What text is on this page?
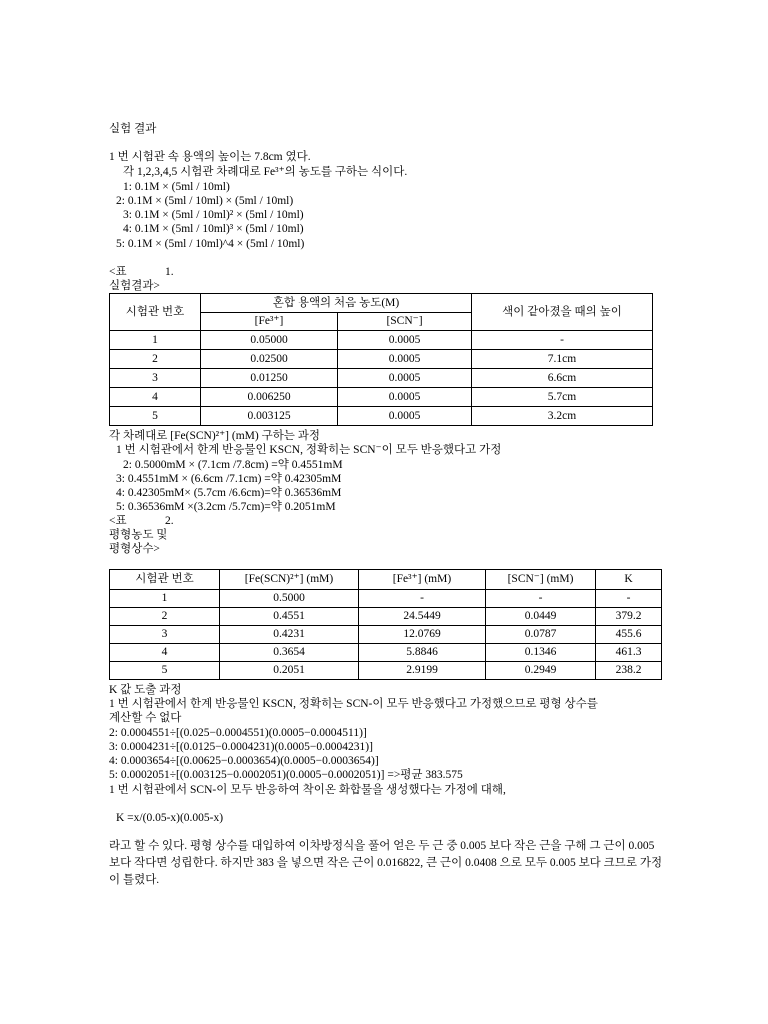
실험 결과
1 번 시험관 속 용액의 높이는 7.8cm 였다.
각 1,2,3,4,5 시험관 차례대로 Fe³⁺의 농도를 구하는 식이다.
1: 0.1M × (5ml / 10ml)
2: 0.1M × (5ml / 10ml) × (5ml / 10ml)
3: 0.1M × (5ml / 10ml)² × (5ml / 10ml)
4: 0.1M × (5ml / 10ml)³ × (5ml / 10ml)
5: 0.1M × (5ml / 10ml)^4 × (5ml / 10ml)
<표	1.
실험결과>
시험관 번호	혼합 용액의 처음 농도(M)		색이 같아졌을 때의 높이
	[Fe³⁺]	[SCN⁻]	
1	0.05000	0.0005	-
2	0.02500	0.0005	7.1cm
3	0.01250	0.0005	6.6cm
4	0.006250	0.0005	5.7cm
5	0.003125	0.0005	3.2cm
각 차례대로 [Fe(SCN)²⁺] (mM) 구하는 과정
1 번 시험관에서 한계 반응물인 KSCN, 정확히는 SCN⁻이 모두 반응했다고 가정
2: 0.5000mM × (7.1cm /7.8cm) =약 0.4551mM
3: 0.4551mM × (6.6cm /7.1cm) =약 0.42305mM
4: 0.42305mM× (5.7cm /6.6cm)=약 0.36536mM
5: 0.36536mM ×(3.2cm /5.7cm)=약 0.2051mM
<표	2.
평형농도 및
평형상수>
시험관 번호	[Fe(SCN)²⁺] (mM)	[Fe³⁺] (mM)	[SCN⁻] (mM)	K
1	0.5000	-	-	-
2	0.4551	24.5449	0.0449	379.2
3	0.4231	12.0769	0.0787	455.6
4	0.3654	5.8846	0.1346	461.3
5	0.2051	2.9199	0.2949	238.2
K 값 도출 과정
1 번 시험관에서 한계 반응물인 KSCN, 정확히는 SCN-이 모두 반응했다고 가정했으므로 평형 상수를
계산할 수 없다
2: 0.0004551÷[(0.025−0.0004551)(0.0005−0.0004511)]
3: 0.0004231÷[(0.0125−0.0004231)(0.0005−0.0004231)]
4: 0.0003654÷[(0.00625−0.0003654)(0.0005−0.0003654)]
5: 0.0002051÷[(0.003125−0.0002051)(0.0005−0.0002051)] =>평균 383.575
1 번 시험관에서 SCN-이 모두 반응하여 착이온 화합물을 생성했다는 가정에 대해,
K =x/(0.05-x)(0.005-x)
라고 할 수 있다. 평형 상수를 대입하여 이차방정식을 풀어 얻은 두 근 중 0.005 보다 작은 근을 구해 그 근이 0.005 보다 작다면 성립한다. 하지만 383 을 넣으면 작은 근이 0.016822, 큰 근이 0.0408 으로 모두 0.005 보다 크므로 가정이 틀렸다.
